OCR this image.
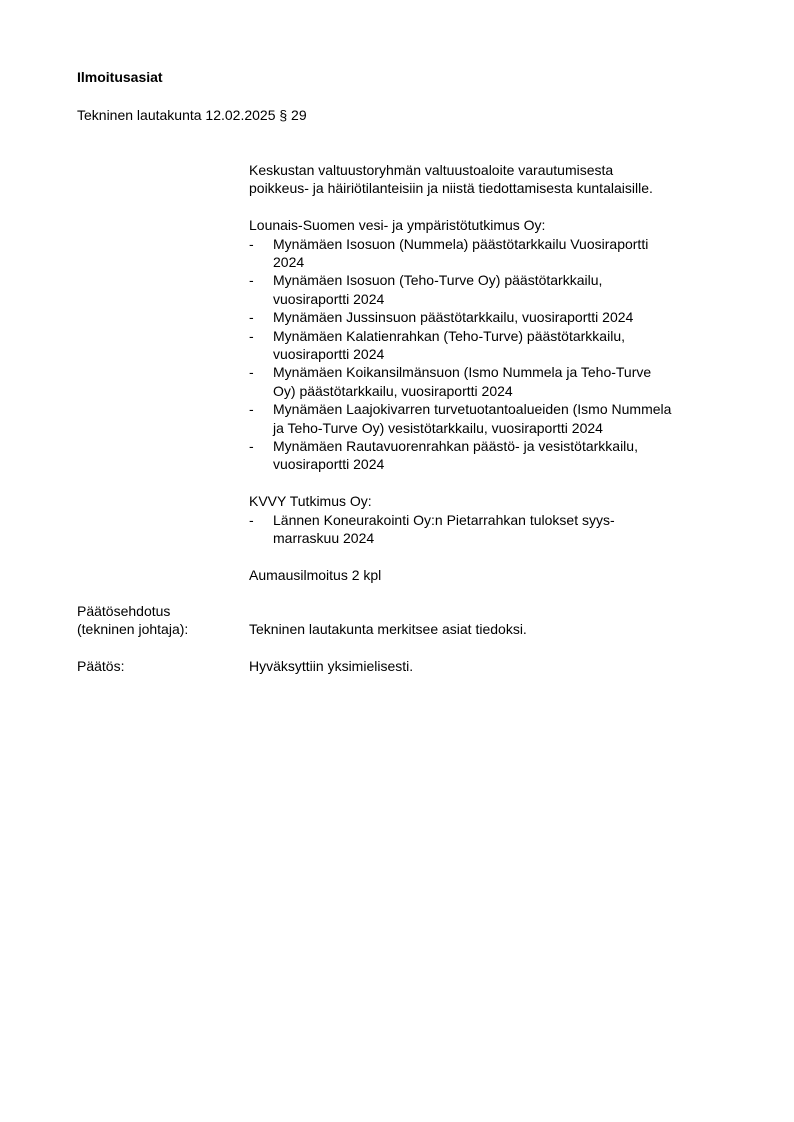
Ilmoitusasiat
Tekninen lautakunta 12.02.2025 § 29

Keskustan valtuustoryhmän valtuustoaloite varautumisesta
poikkeus- ja häiriötilanteisiin ja niistä tiedottamisesta kuntalaisille.

Lounais-Suomen vesi- ja ympäristötutkimus Oy:
- Mynämäen Isosuon (Nummela) päästötarkkailu Vuosiraportti
2024
- Mynämäen Isosuon (Teho-Turve Oy) päästötarkkailu,
vuosiraportti 2024
- Mynämäen Jussinsuon päästötarkkailu, vuosiraportti 2024
- Mynämäen Kalatienrahkan (Teho-Turve) päästötarkkailu,
vuosiraportti 2024
- Mynämäen Koikansilmänsuon (Ismo Nummela ja Teho-Turve
Oy) päästötarkkailu, vuosiraportti 2024
- Mynämäen Laajokivarren turvetuotantoalueiden (Ismo Nummela
ja Teho-Turve Oy) vesistötarkkailu, vuosiraportti 2024
- Mynämäen Rautavuorenrahkan päästö- ja vesistötarkkailu,
vuosiraportti 2024
KVVY Tutkimus Oy:
- Lännen Koneurakointi Oy:n Pietarrahkan tulokset syys-
marraskuu 2024
Aumausilmoitus 2 kpl
Päätösehdotus
(tekninen johtaja):	Tekninen lautakunta merkitsee asiat tiedoksi.
Päätös:	Hyväksyttiin yksimielisesti.
